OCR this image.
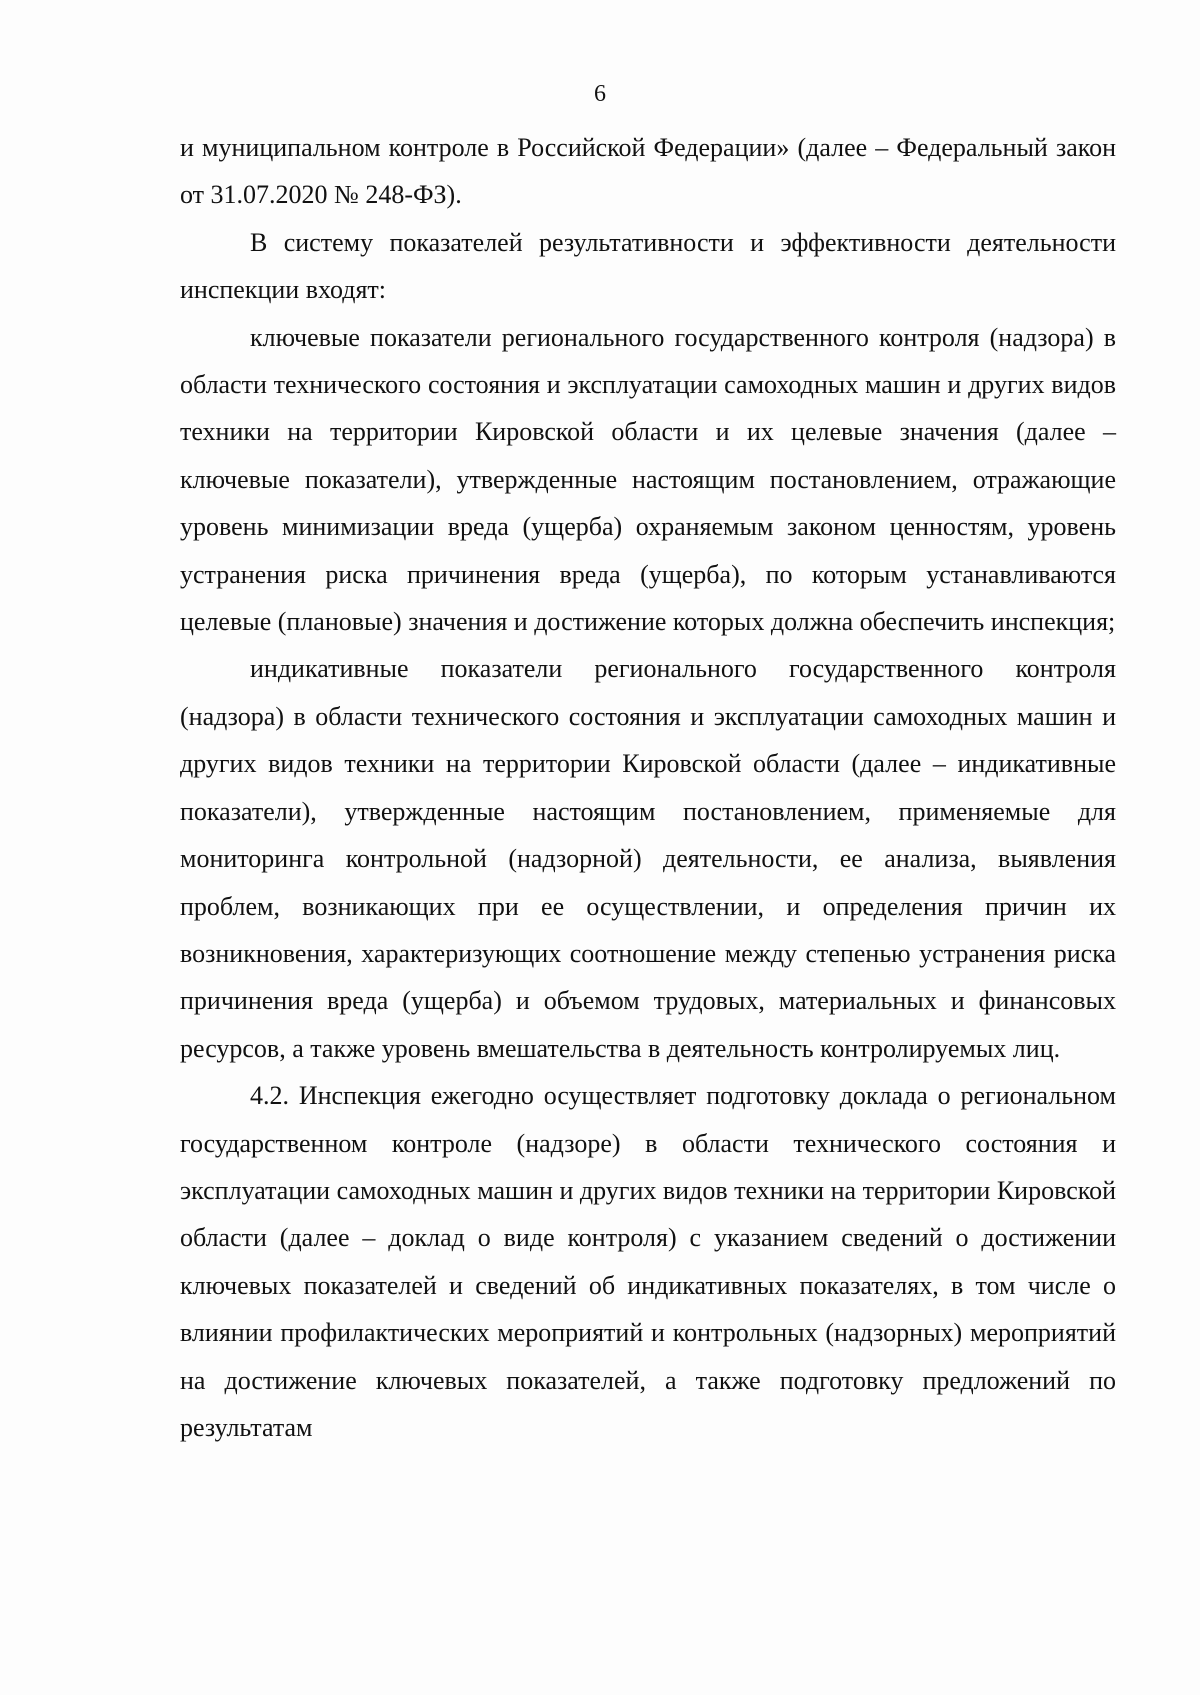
6

и муниципальном контроле в Российской Федерации» (далее – Федеральный закон от 31.07.2020 № 248-ФЗ).

В систему показателей результативности и эффективности деятельности инспекции входят:

ключевые показатели регионального государственного контроля (надзора) в области технического состояния и эксплуатации самоходных машин и других видов техники на территории Кировской области и их целевые значения (далее – ключевые показатели), утвержденные настоящим постановлением, отражающие уровень минимизации вреда (ущерба) охраняемым законом ценностям, уровень устранения риска причинения вреда (ущерба), по которым устанавливаются целевые (плановые) значения и достижение которых должна обеспечить инспекция;

индикативные показатели регионального государственного контроля (надзора) в области технического состояния и эксплуатации самоходных машин и других видов техники на территории Кировской области (далее – индикативные показатели), утвержденные настоящим постановлением, применяемые для мониторинга контрольной (надзорной) деятельности, ее анализа, выявления проблем, возникающих при ее осуществлении, и определения причин их возникновения, характеризующих соотношение между степенью устранения риска причинения вреда (ущерба) и объемом трудовых, материальных и финансовых ресурсов, а также уровень вмешательства в деятельность контролируемых лиц.

4.2. Инспекция ежегодно осуществляет подготовку доклада о региональном государственном контроле (надзоре) в области технического состояния и эксплуатации самоходных машин и других видов техники на территории Кировской области (далее – доклад о виде контроля) с указанием сведений о достижении ключевых показателей и сведений об индикативных показателях, в том числе о влиянии профилактических мероприятий и контрольных (надзорных) мероприятий на достижение ключевых показателей, а также подготовку предложений по результатам
